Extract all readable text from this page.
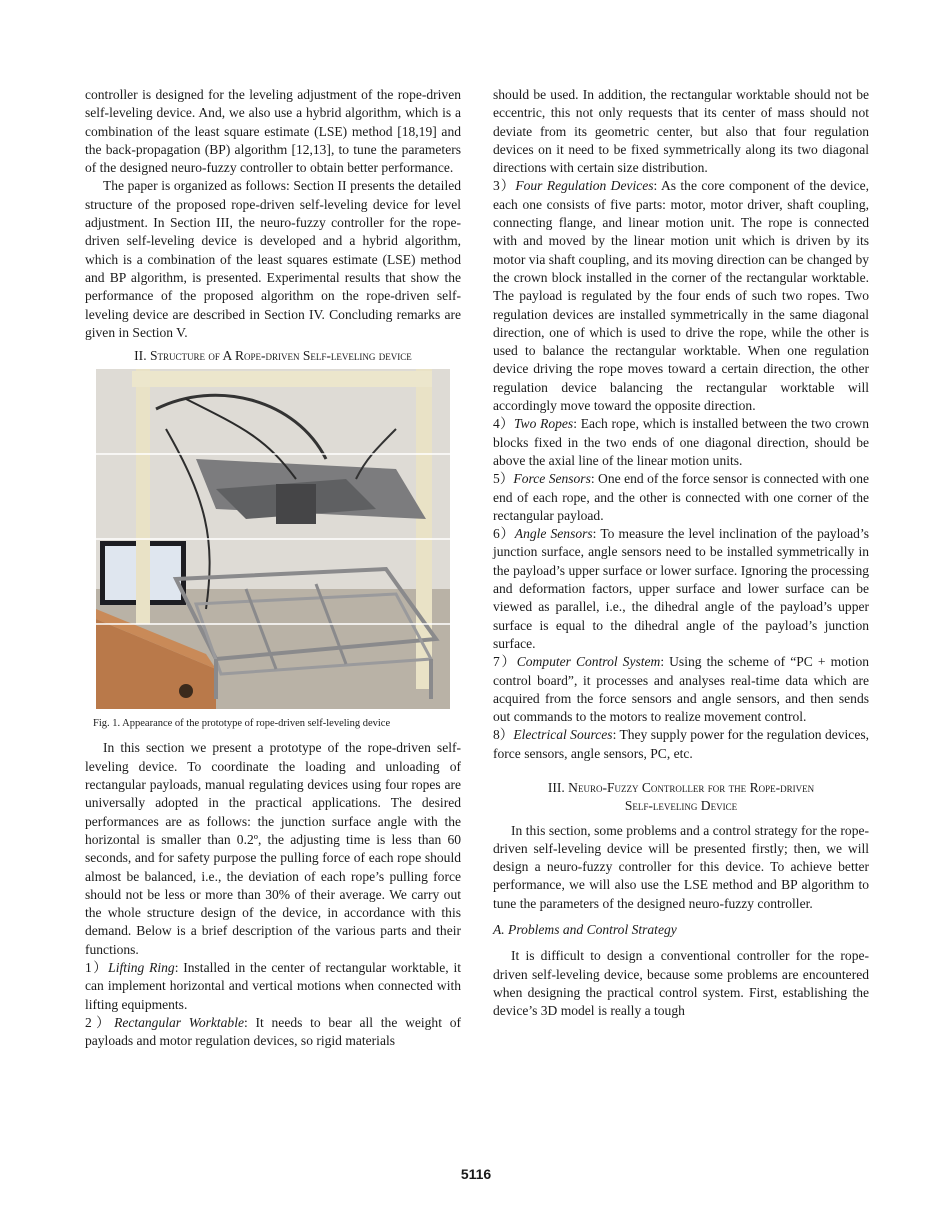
controller is designed for the leveling adjustment of the rope-driven self-leveling device. And, we also use a hybrid algorithm, which is a combination of the least square estimate (LSE) method [18,19] and the back-propagation (BP) algorithm [12,13], to tune the parameters of the designed neuro-fuzzy controller to obtain better performance.

The paper is organized as follows: Section II presents the detailed structure of the proposed rope-driven self-leveling device for level adjustment. In Section III, the neuro-fuzzy controller for the rope-driven self-leveling device is developed and a hybrid algorithm, which is a combination of the least squares estimate (LSE) method and BP algorithm, is presented. Experimental results that show the performance of the proposed algorithm on the rope-driven self-leveling device are described in Section IV. Concluding remarks are given in Section V.

II. Structure of A Rope-driven Self-leveling device

Fig. 1. Appearance of the prototype of rope-driven self-leveling device

In this section we present a prototype of the rope-driven self-leveling device. To coordinate the loading and unloading of rectangular payloads, manual regulating devices using four ropes are universally adopted in the practical applications. The desired performances are as follows: the junction surface angle with the horizontal is smaller than 0.2º, the adjusting time is less than 60 seconds, and for safety purpose the pulling force of each rope should almost be balanced, i.e., the deviation of each rope’s pulling force should not be less or more than 30% of their average. We carry out the whole structure design of the device, in accordance with this demand. Below is a brief description of the various parts and their functions.

1）Lifting Ring: Installed in the center of rectangular worktable, it can implement horizontal and vertical motions when connected with lifting equipments.

2）Rectangular Worktable: It needs to bear all the weight of payloads and motor regulation devices, so rigid materials

should be used. In addition, the rectangular worktable should not be eccentric, this not only requests that its center of mass should not deviate from its geometric center, but also that four regulation devices on it need to be fixed symmetrically along its two diagonal directions with certain size distribution.

3）Four Regulation Devices: As the core component of the device, each one consists of five parts: motor, motor driver, shaft coupling, connecting flange, and linear motion unit. The rope is connected with and moved by the linear motion unit which is driven by its motor via shaft coupling, and its moving direction can be changed by the crown block installed in the corner of the rectangular worktable. The payload is regulated by the four ends of such two ropes. Two regulation devices are installed symmetrically in the same diagonal direction, one of which is used to drive the rope, while the other is used to balance the rectangular worktable. When one regulation device driving the rope moves toward a certain direction, the other regulation device balancing the rectangular worktable will accordingly move toward the opposite direction.

4）Two Ropes: Each rope, which is installed between the two crown blocks fixed in the two ends of one diagonal direction, should be above the axial line of the linear motion units.

5）Force Sensors: One end of the force sensor is connected with one end of each rope, and the other is connected with one corner of the rectangular payload.

6）Angle Sensors: To measure the level inclination of the payload’s junction surface, angle sensors need to be installed symmetrically in the payload’s upper surface or lower surface. Ignoring the processing and deformation factors, upper surface and lower surface can be viewed as parallel, i.e., the dihedral angle of the payload’s upper surface is equal to the dihedral angle of the payload’s junction surface.

7）Computer Control System: Using the scheme of “PC + motion control board”, it processes and analyses real-time data which are acquired from the force sensors and angle sensors, and then sends out commands to the motors to realize movement control.

8）Electrical Sources: They supply power for the regulation devices, force sensors, angle sensors, PC, etc.

III. Neuro-Fuzzy Controller for the Rope-driven

Self-leveling Device

In this section, some problems and a control strategy for the rope-driven self-leveling device will be presented firstly; then, we will design a neuro-fuzzy controller for this device. To achieve better performance, we will also use the LSE method and BP algorithm to tune the parameters of the designed neuro-fuzzy controller.

A. Problems and Control Strategy

It is difficult to design a conventional controller for the rope-driven self-leveling device, because some problems are encountered when designing the practical control system. First, establishing the device’s 3D model is really a tough

5116
